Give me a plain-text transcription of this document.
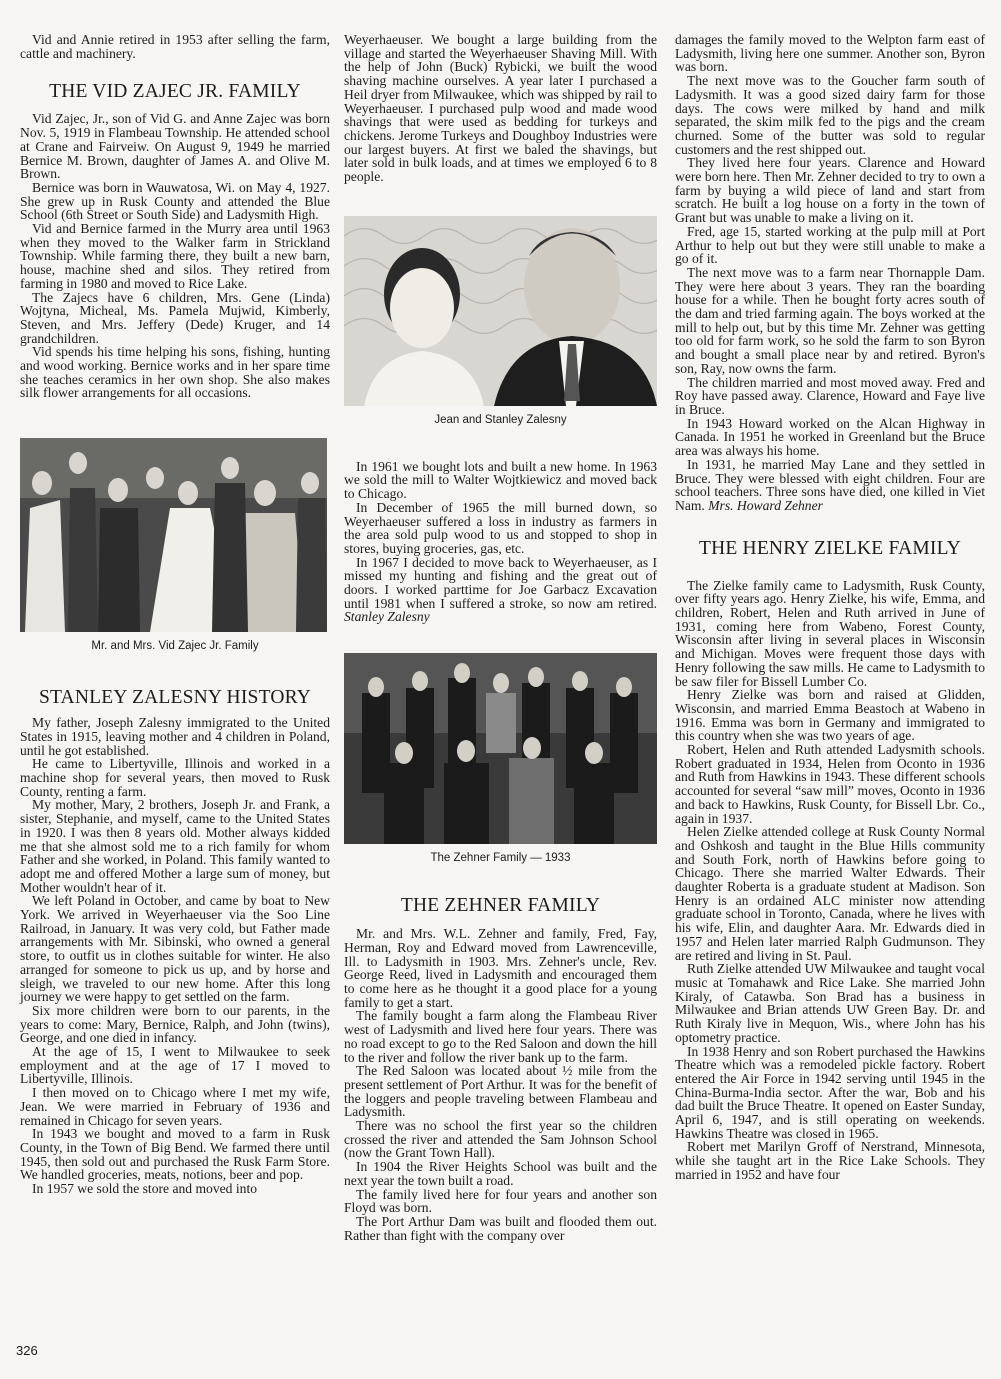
Vid and Annie retired in 1953 after selling the farm, cattle and machinery.

THE VID ZAJEC JR. FAMILY

Vid Zajec, Jr., son of Vid G. and Anne Zajec was born Nov. 5, 1919 in Flambeau Township. He attended school at Crane and Fairveiw. On August 9, 1949 he married Bernice M. Brown, daughter of James A. and Olive M. Brown.

Bernice was born in Wauwatosa, Wi. on May 4, 1927. She grew up in Rusk County and attended the Blue School (6th Street or South Side) and Ladysmith High.

Vid and Bernice farmed in the Murry area until 1963 when they moved to the Walker farm in Strickland Township. While farming there, they built a new barn, house, machine shed and silos. They retired from farming in 1980 and moved to Rice Lake.

The Zajecs have 6 children, Mrs. Gene (Linda) Wojtyna, Micheal, Ms. Pamela Mujwid, Kimberly, Steven, and Mrs. Jeffery (Dede) Kruger, and 14 grandchildren.

Vid spends his time helping his sons, fishing, hunting and wood working. Bernice works and in her spare time she teaches ceramics in her own shop. She also makes silk flower arrangements for all occasions.

Mr. and Mrs. Vid Zajec Jr. Family
STANLEY ZALESNY HISTORY

My father, Joseph Zalesny immigrated to the United States in 1915, leaving mother and 4 children in Poland, until he got established.

He came to Libertyville, Illinois and worked in a machine shop for several years, then moved to Rusk County, renting a farm.

My mother, Mary, 2 brothers, Joseph Jr. and Frank, a sister, Stephanie, and myself, came to the United States in 1920. I was then 8 years old. Mother always kidded me that she almost sold me to a rich family for whom Father and she worked, in Poland. This family wanted to adopt me and offered Mother a large sum of money, but Mother wouldn't hear of it.

We left Poland in October, and came by boat to New York. We arrived in Weyerhaeuser via the Soo Line Railroad, in January. It was very cold, but Father made arrangements with Mr. Sibinski, who owned a general store, to outfit us in clothes suitable for winter. He also arranged for someone to pick us up, and by horse and sleigh, we traveled to our new home. After this long journey we were happy to get settled on the farm.

Six more children were born to our parents, in the years to come: Mary, Bernice, Ralph, and John (twins), George, and one died in infancy.

At the age of 15, I went to Milwaukee to seek employment and at the age of 17 I moved to Libertyville, Illinois.

I then moved on to Chicago where I met my wife, Jean. We were married in February of 1936 and remained in Chicago for seven years.

In 1943 we bought and moved to a farm in Rusk County, in the Town of Big Bend. We farmed there until 1945, then sold out and purchased the Rusk Farm Store. We handled groceries, meats, notions, beer and pop.

In 1957 we sold the store and moved into

Weyerhaeuser. We bought a large building from the village and started the Weyerhaeuser Shaving Mill. With the help of John (Buck) Rybicki, we built the wood shaving machine ourselves. A year later I purchased a Heil dryer from Milwaukee, which was shipped by rail to Weyerhaeuser. I purchased pulp wood and made wood shavings that were used as bedding for turkeys and chickens. Jerome Turkeys and Doughboy Industries were our largest buyers. At first we baled the shavings, but later sold in bulk loads, and at times we employed 6 to 8 people.

Jean and Stanley Zalesny

In 1961 we bought lots and built a new home. In 1963 we sold the mill to Walter Wojtkiewicz and moved back to Chicago.

In December of 1965 the mill burned down, so Weyerhaeuser suffered a loss in industry as farmers in the area sold pulp wood to us and stopped to shop in stores, buying groceries, gas, etc.

In 1967 I decided to move back to Weyerhaeuser, as I missed my hunting and fishing and the great out of doors. I worked parttime for Joe Garbacz Excavation until 1981 when I suffered a stroke, so now am retired. Stanley Zalesny

The Zehner Family — 1933
THE ZEHNER FAMILY

Mr. and Mrs. W.L. Zehner and family, Fred, Fay, Herman, Roy and Edward moved from Lawrenceville, Ill. to Ladysmith in 1903. Mrs. Zehner's uncle, Rev. George Reed, lived in Ladysmith and encouraged them to come here as he thought it a good place for a young family to get a start.

The family bought a farm along the Flambeau River west of Ladysmith and lived here four years. There was no road except to go to the Red Saloon and down the hill to the river and follow the river bank up to the farm.

The Red Saloon was located about ½ mile from the present settlement of Port Arthur. It was for the benefit of the loggers and people traveling between Flambeau and Ladysmith.

There was no school the first year so the children crossed the river and attended the Sam Johnson School (now the Grant Town Hall).

In 1904 the River Heights School was built and the next year the town built a road.

The family lived here for four years and another son Floyd was born.

The Port Arthur Dam was built and flooded them out. Rather than fight with the company over

damages the family moved to the Welpton farm east of Ladysmith, living here one summer. Another son, Byron was born.

The next move was to the Goucher farm south of Ladysmith. It was a good sized dairy farm for those days. The cows were milked by hand and milk separated, the skim milk fed to the pigs and the cream churned. Some of the butter was sold to regular customers and the rest shipped out.

They lived here four years. Clarence and Howard were born here. Then Mr. Zehner decided to try to own a farm by buying a wild piece of land and start from scratch. He built a log house on a forty in the town of Grant but was unable to make a living on it.

Fred, age 15, started working at the pulp mill at Port Arthur to help out but they were still unable to make a go of it.

The next move was to a farm near Thornapple Dam. They were here about 3 years. They ran the boarding house for a while. Then he bought forty acres south of the dam and tried farming again. The boys worked at the mill to help out, but by this time Mr. Zehner was getting too old for farm work, so he sold the farm to son Byron and bought a small place near by and retired. Byron's son, Ray, now owns the farm.

The children married and most moved away. Fred and Roy have passed away. Clarence, Howard and Faye live in Bruce.

In 1943 Howard worked on the Alcan Highway in Canada. In 1951 he worked in Greenland but the Bruce area was always his home.

In 1931, he married May Lane and they settled in Bruce. They were blessed with eight children. Four are school teachers. Three sons have died, one killed in Viet Nam. Mrs. Howard Zehner

THE HENRY ZIELKE FAMILY

The Zielke family came to Ladysmith, Rusk County, over fifty years ago. Henry Zielke, his wife, Emma, and children, Robert, Helen and Ruth arrived in June of 1931, coming here from Wabeno, Forest County, Wisconsin after living in several places in Wisconsin and Michigan. Moves were frequent those days with Henry following the saw mills. He came to Ladysmith to be saw filer for Bissell Lumber Co.

Henry Zielke was born and raised at Glidden, Wisconsin, and married Emma Beastoch at Wabeno in 1916. Emma was born in Germany and immigrated to this country when she was two years of age.

Robert, Helen and Ruth attended Ladysmith schools. Robert graduated in 1934, Helen from Oconto in 1936 and Ruth from Hawkins in 1943. These different schools accounted for several “saw mill” moves, Oconto in 1936 and back to Hawkins, Rusk County, for Bissell Lbr. Co., again in 1937.

Helen Zielke attended college at Rusk County Normal and Oshkosh and taught in the Blue Hills community and South Fork, north of Hawkins before going to Chicago. There she married Walter Edwards. Their daughter Roberta is a graduate student at Madison. Son Henry is an ordained ALC minister now attending graduate school in Toronto, Canada, where he lives with his wife, Elin, and daughter Aara. Mr. Edwards died in 1957 and Helen later married Ralph Gudmunson. They are retired and living in St. Paul.

Ruth Zielke attended UW Milwaukee and taught vocal music at Tomahawk and Rice Lake. She married John Kiraly, of Catawba. Son Brad has a business in Milwaukee and Brian attends UW Green Bay. Dr. and Ruth Kiraly live in Mequon, Wis., where John has his optometry practice.

In 1938 Henry and son Robert purchased the Hawkins Theatre which was a remodeled pickle factory. Robert entered the Air Force in 1942 serving until 1945 in the China-Burma-India sector. After the war, Bob and his dad built the Bruce Theatre. It opened on Easter Sunday, April 6, 1947, and is still operating on weekends. Hawkins Theatre was closed in 1965.

Robert met Marilyn Groff of Nerstrand, Minnesota, while she taught art in the Rice Lake Schools. They married in 1952 and have four

326
